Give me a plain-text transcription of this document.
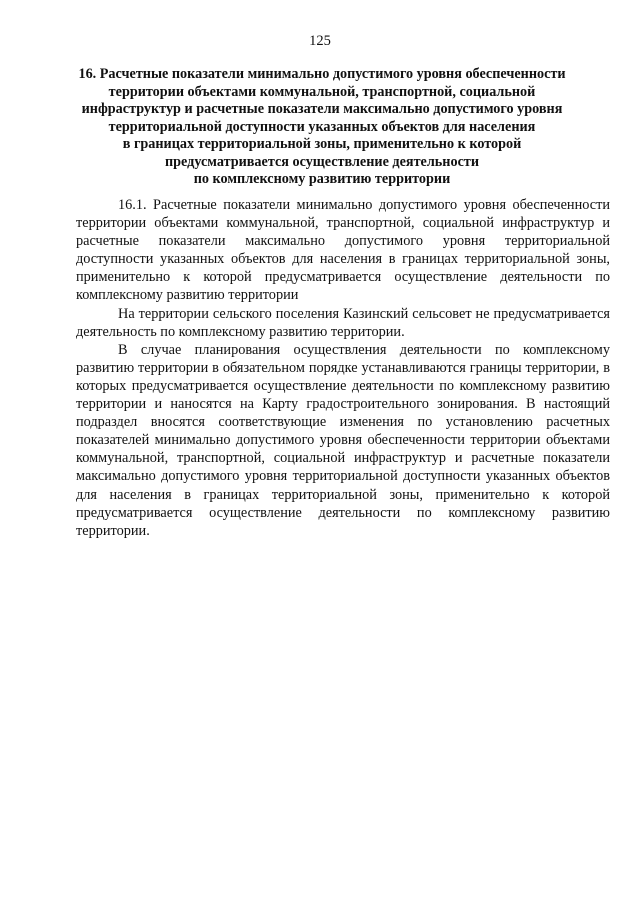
125
16. Расчетные показатели минимально допустимого уровня обеспеченности
территории объектами коммунальной, транспортной, социальной
инфраструктур и расчетные показатели максимально допустимого уровня
территориальной доступности указанных объектов для населения
в границах территориальной зоны, применительно к которой
предусматривается осуществление деятельности
по комплексному развитию территории

16.1. Расчетные показатели минимально допустимого уровня обеспеченности территории объектами коммунальной, транспортной, социальной инфраструктур и расчетные показатели максимально допустимого уровня территориальной доступности указанных объектов для населения в границах территориальной зоны, применительно к которой предусматривается осуществление деятельности по комплексному развитию территории

На территории сельского поселения Казинский сельсовет не предусматривается деятельность по комплексному развитию территории.

В случае планирования осуществления деятельности по комплексному развитию территории в обязательном порядке устанавливаются границы территории, в которых предусматривается осуществление деятельности по комплексному развитию территории и наносятся на Карту градостроительного зонирования. В настоящий подраздел вносятся соответствующие изменения по установлению расчетных показателей минимально допустимого уровня обеспеченности территории объектами коммунальной, транспортной, социальной инфраструктур и расчетные показатели максимально допустимого уровня территориальной доступности указанных объектов для населения в границах территориальной зоны, применительно к которой предусматривается осуществление деятельности по комплексному развитию территории.
